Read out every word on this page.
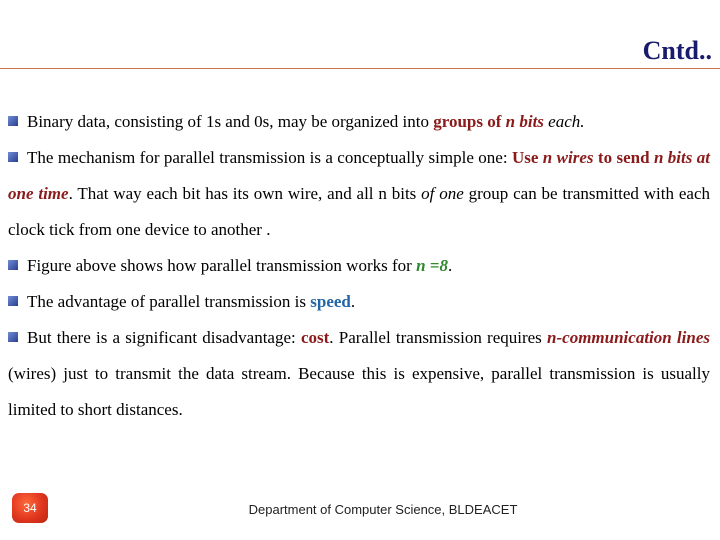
Cntd..

Binary data, consisting of 1s and 0s, may be organized into groups of n bits each.

The mechanism for parallel transmission is a conceptually simple one: Use n wires to send n bits at one time. That way each bit has its own wire, and all n bits of one group can be transmitted with each clock tick from one device to another .

Figure above shows how parallel transmission works for n =8.

The advantage of parallel transmission is speed.

But there is a significant disadvantage: cost. Parallel transmission requires n-communication lines (wires) just to transmit the data stream. Because this is expensive, parallel transmission is usually limited to short distances.

34	Department of Computer Science, BLDEACET
